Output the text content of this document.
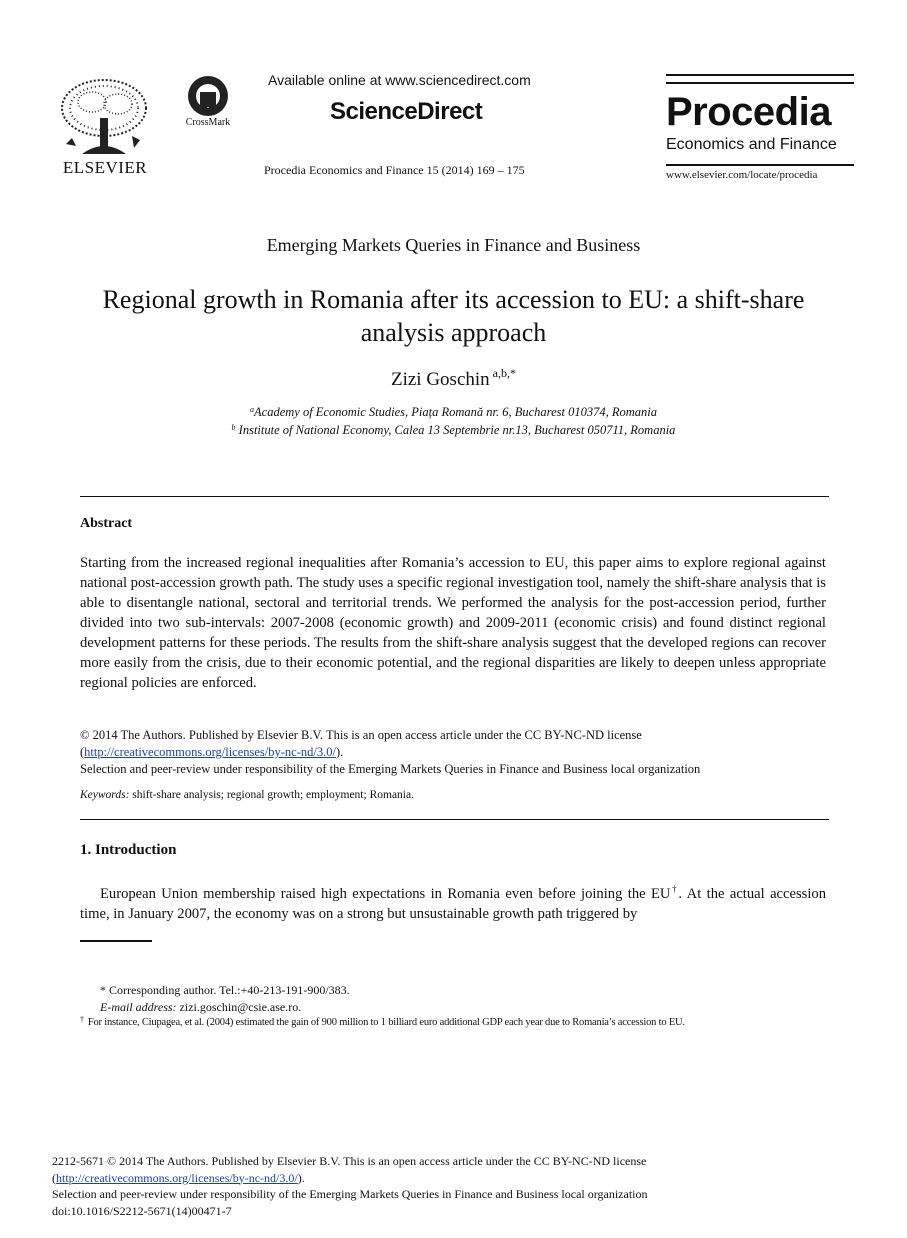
ELSEVIER
CrossMark
Available online at www.sciencedirect.com
ScienceDirect
Procedia Economics and Finance 15 (2014) 169 – 175
Procedia
Economics and Finance
www.elsevier.com/locate/procedia
Emerging Markets Queries in Finance and Business
Regional growth in Romania after its accession to EU: a shift-share analysis approach
Zizi Goschin $^{a,b,*}$
$^a$Academy of Economic Studies, Piața Romană nr. 6, Bucharest 010374, Romania
$^b$ Institute of National Economy, Calea 13 Septembrie nr.13, Bucharest 050711, Romania
Abstract
Starting from the increased regional inequalities after Romania’s accession to EU, this paper aims to explore regional against national post-accession growth path. The study uses a specific regional investigation tool, namely the shift-share analysis that is able to disentangle national, sectoral and territorial trends. We performed the analysis for the post-accession period, further divided into two sub-intervals: 2007-2008 (economic growth) and 2009-2011 (economic crisis) and found distinct regional development patterns for these periods. The results from the shift-share analysis suggest that the developed regions can recover more easily from the crisis, due to their economic potential, and the regional disparities are likely to deepen unless appropriate regional policies are enforced.
© 2014 The Authors. Published by Elsevier B.V. This is an open access article under the CC BY-NC-ND license
(http://creativecommons.org/licenses/by-nc-nd/3.0/).
Selection and peer-review under responsibility of the Emerging Markets Queries in Finance and Business local organization
Keywords: shift-share analysis; regional growth; employment; Romania.
1. Introduction
European Union membership raised high expectations in Romania even before joining the EU†. At the actual accession time, in January 2007, the economy was on a strong but unsustainable growth path triggered by
* Corresponding author. Tel.:+40-213-191-900/383.
E-mail address: zizi.goschin@csie.ase.ro.
† For instance, Ciupagea, et al. (2004) estimated the gain of 900 million to 1 billiard euro additional GDP each year due to Romania’s accession to EU.
2212-5671 © 2014 The Authors. Published by Elsevier B.V. This is an open access article under the CC BY-NC-ND license
(http://creativecommons.org/licenses/by-nc-nd/3.0/).
Selection and peer-review under responsibility of the Emerging Markets Queries in Finance and Business local organization
doi:10.1016/S2212-5671(14)00471-7
